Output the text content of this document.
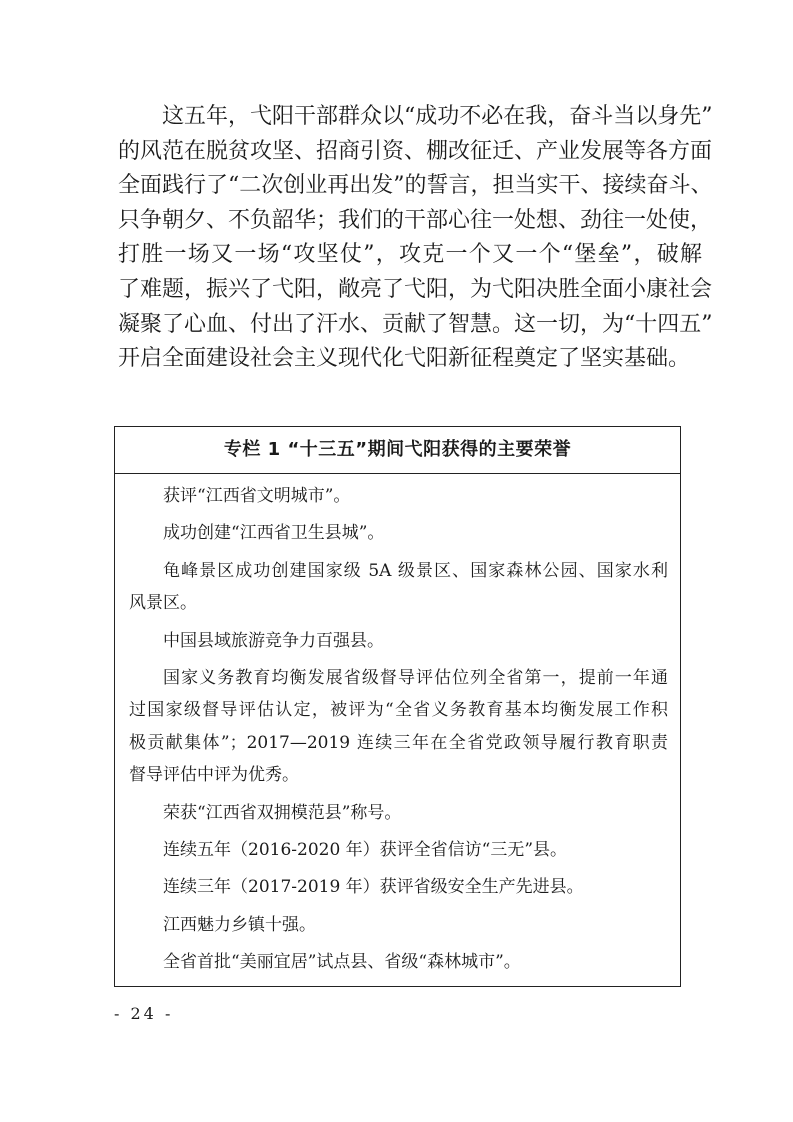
这五年，弋阳干部群众以“成功不必在我，奋斗当以身先”
的风范在脱贫攻坚、招商引资、棚改征迁、产业发展等各方面
全面践行了“二次创业再出发”的誓言，担当实干、接续奋斗、
只争朝夕、不负韶华；我们的干部心往一处想、劲往一处使，
打胜一场又一场“攻坚仗”，攻克一个又一个“堡垒”，破解
了难题，振兴了弋阳，敞亮了弋阳，为弋阳决胜全面小康社会
凝聚了心血、付出了汗水、贡献了智慧。这一切，为“十四五”
开启全面建设社会主义现代化弋阳新征程奠定了坚实基础。
专栏 1 “十三五”期间弋阳获得的主要荣誉
获评“江西省文明城市”。
成功创建“江西省卫生县城”。
龟峰景区成功创建国家级 5A 级景区、国家森林公园、国家水利
风景区。
中国县域旅游竞争力百强县。
国家义务教育均衡发展省级督导评估位列全省第一，提前一年通
过国家级督导评估认定，被评为“全省义务教育基本均衡发展工作积
极贡献集体”；2017—2019 连续三年在全省党政领导履行教育职责
督导评估中评为优秀。
荣获“江西省双拥模范县”称号。
连续五年（2016-2020 年）获评全省信访“三无”县。
连续三年（2017-2019 年）获评省级安全生产先进县。
江西魅力乡镇十强。
全省首批“美丽宜居”试点县、省级“森林城市”。
- 24 -
